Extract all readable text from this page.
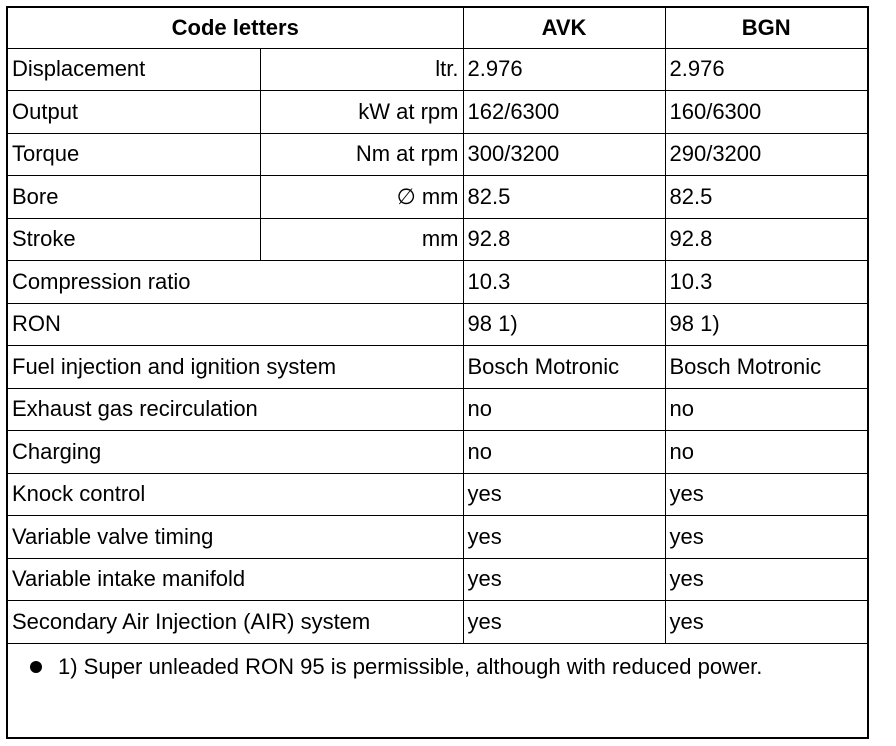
Code letters		AVK	BGN
Displacement	ltr.	2.976	2.976
Output	kW at rpm	162/6300	160/6300
Torque	Nm at rpm	300/3200	290/3200
Bore	∅ mm	82.5	82.5
Stroke	mm	92.8	92.8
Compression ratio		10.3	10.3
RON		98 1)	98 1)
Fuel injection and ignition system		Bosch Motronic	Bosch Motronic
Exhaust gas recirculation		no	no
Charging		no	no
Knock control		yes	yes
Variable valve timing		yes	yes
Variable intake manifold		yes	yes
Secondary Air Injection (AIR) system		yes	yes
1) Super unleaded RON 95 is permissible, although with reduced power.
